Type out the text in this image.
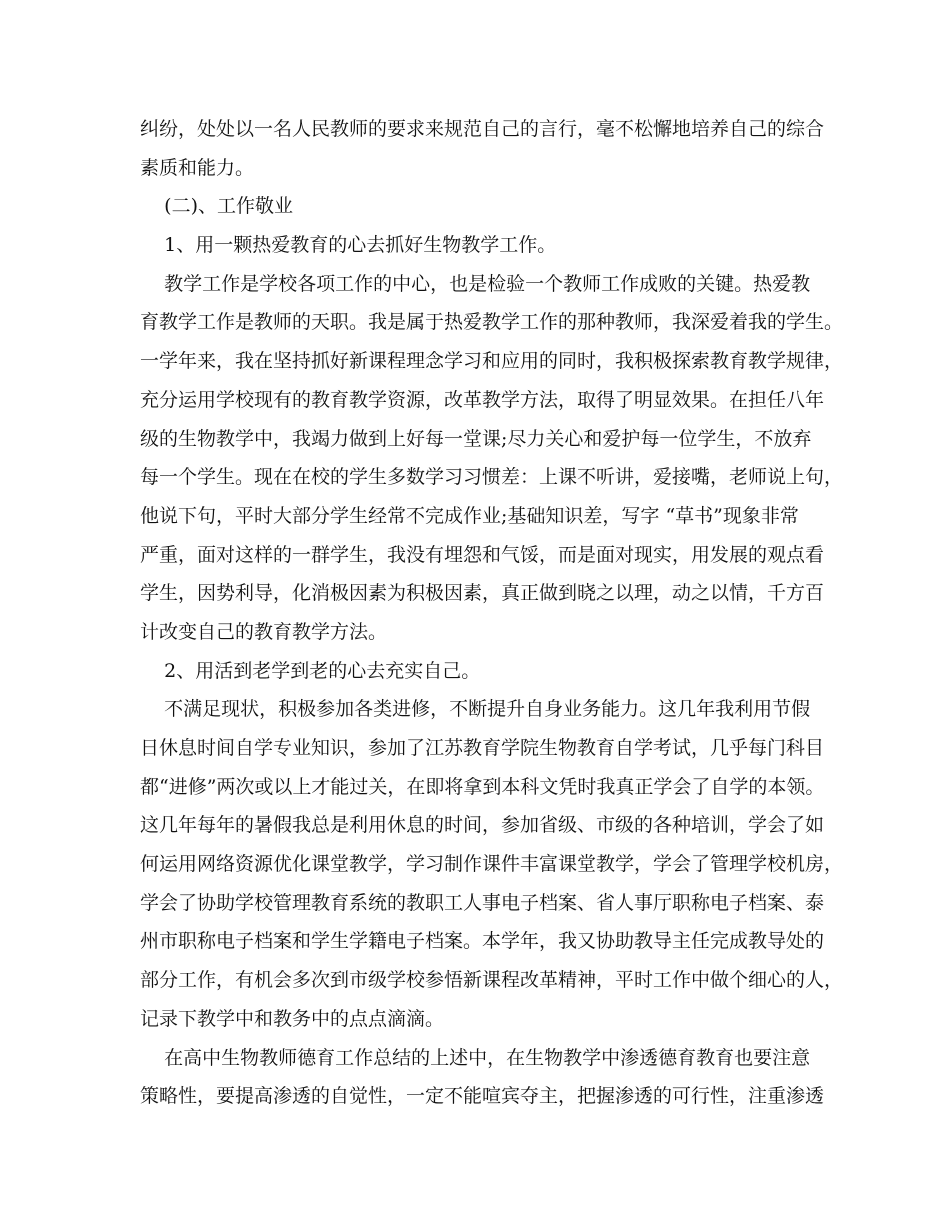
纠纷，处处以一名人民教师的要求来规范自己的言行，毫不松懈地培养自己的综合
素质和能力。
(二)、工作敬业
1、用一颗热爱教育的心去抓好生物教学工作。
教学工作是学校各项工作的中心，也是检验一个教师工作成败的关键。热爱教
育教学工作是教师的天职。我是属于热爱教学工作的那种教师，我深爱着我的学生。
一学年来，我在坚持抓好新课程理念学习和应用的同时，我积极探索教育教学规律，
充分运用学校现有的教育教学资源，改革教学方法，取得了明显效果。在担任八年
级的生物教学中，我竭力做到上好每一堂课;尽力关心和爱护每一位学生，不放弃
每一个学生。现在在校的学生多数学习习惯差：上课不听讲，爱接嘴，老师说上句，
他说下句，平时大部分学生经常不完成作业;基础知识差，写字 “草书”现象非常
严重，面对这样的一群学生，我没有埋怨和气馁，而是面对现实，用发展的观点看
学生，因势利导，化消极因素为积极因素，真正做到晓之以理，动之以情，千方百
计改变自己的教育教学方法。
2、用活到老学到老的心去充实自己。
不满足现状，积极参加各类进修，不断提升自身业务能力。这几年我利用节假
日休息时间自学专业知识，参加了江苏教育学院生物教育自学考试，几乎每门科目
都“进修”两次或以上才能过关，在即将拿到本科文凭时我真正学会了自学的本领。
这几年每年的暑假我总是利用休息的时间，参加省级、市级的各种培训，学会了如
何运用网络资源优化课堂教学，学习制作课件丰富课堂教学，学会了管理学校机房，
学会了协助学校管理教育系统的教职工人事电子档案、省人事厅职称电子档案、泰
州市职称电子档案和学生学籍电子档案。本学年，我又协助教导主任完成教导处的
部分工作，有机会多次到市级学校参悟新课程改革精神，平时工作中做个细心的人，
记录下教学中和教务中的点点滴滴。
在高中生物教师德育工作总结的上述中，在生物教学中渗透德育教育也要注意
策略性，要提高渗透的自觉性，一定不能喧宾夺主，把握渗透的可行性，注重渗透
